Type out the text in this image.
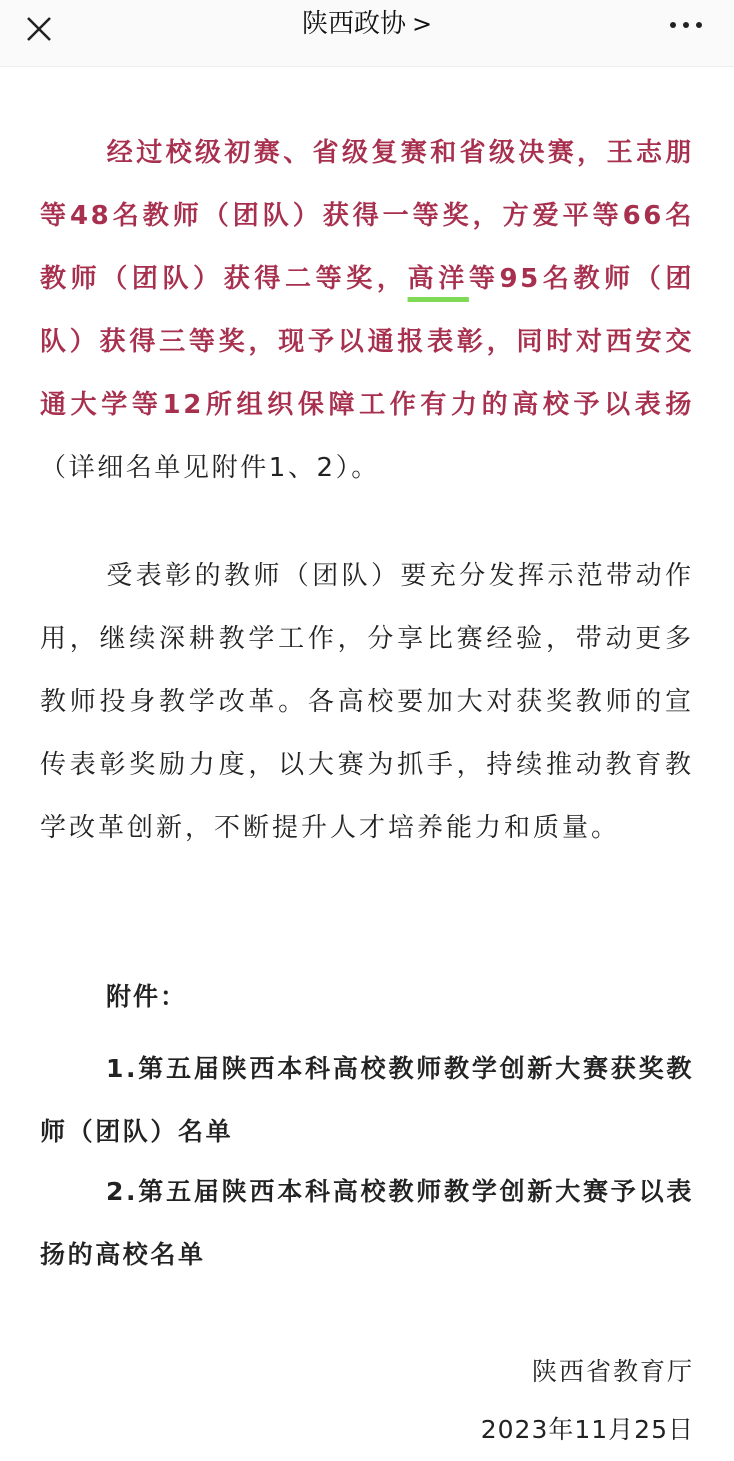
陕西政协 >

经过校级初赛、省级复赛和省级决赛，王志朋等48名教师（团队）获得一等奖，方爱平等66名教师（团队）获得二等奖，高洋等95名教师（团队）获得三等奖，现予以通报表彰，同时对西安交通大学等12所组织保障工作有力的高校予以表扬（详细名单见附件1、2）。

受表彰的教师（团队）要充分发挥示范带动作用，继续深耕教学工作，分享比赛经验，带动更多教师投身教学改革。各高校要加大对获奖教师的宣传表彰奖励力度，以大赛为抓手，持续推动教育教学改革创新，不断提升人才培养能力和质量。

附件：
1.第五届陕西本科高校教师教学创新大赛获奖教师（团队）名单
2.第五届陕西本科高校教师教学创新大赛予以表扬的高校名单
陕西省教育厅
2023年11月25日
